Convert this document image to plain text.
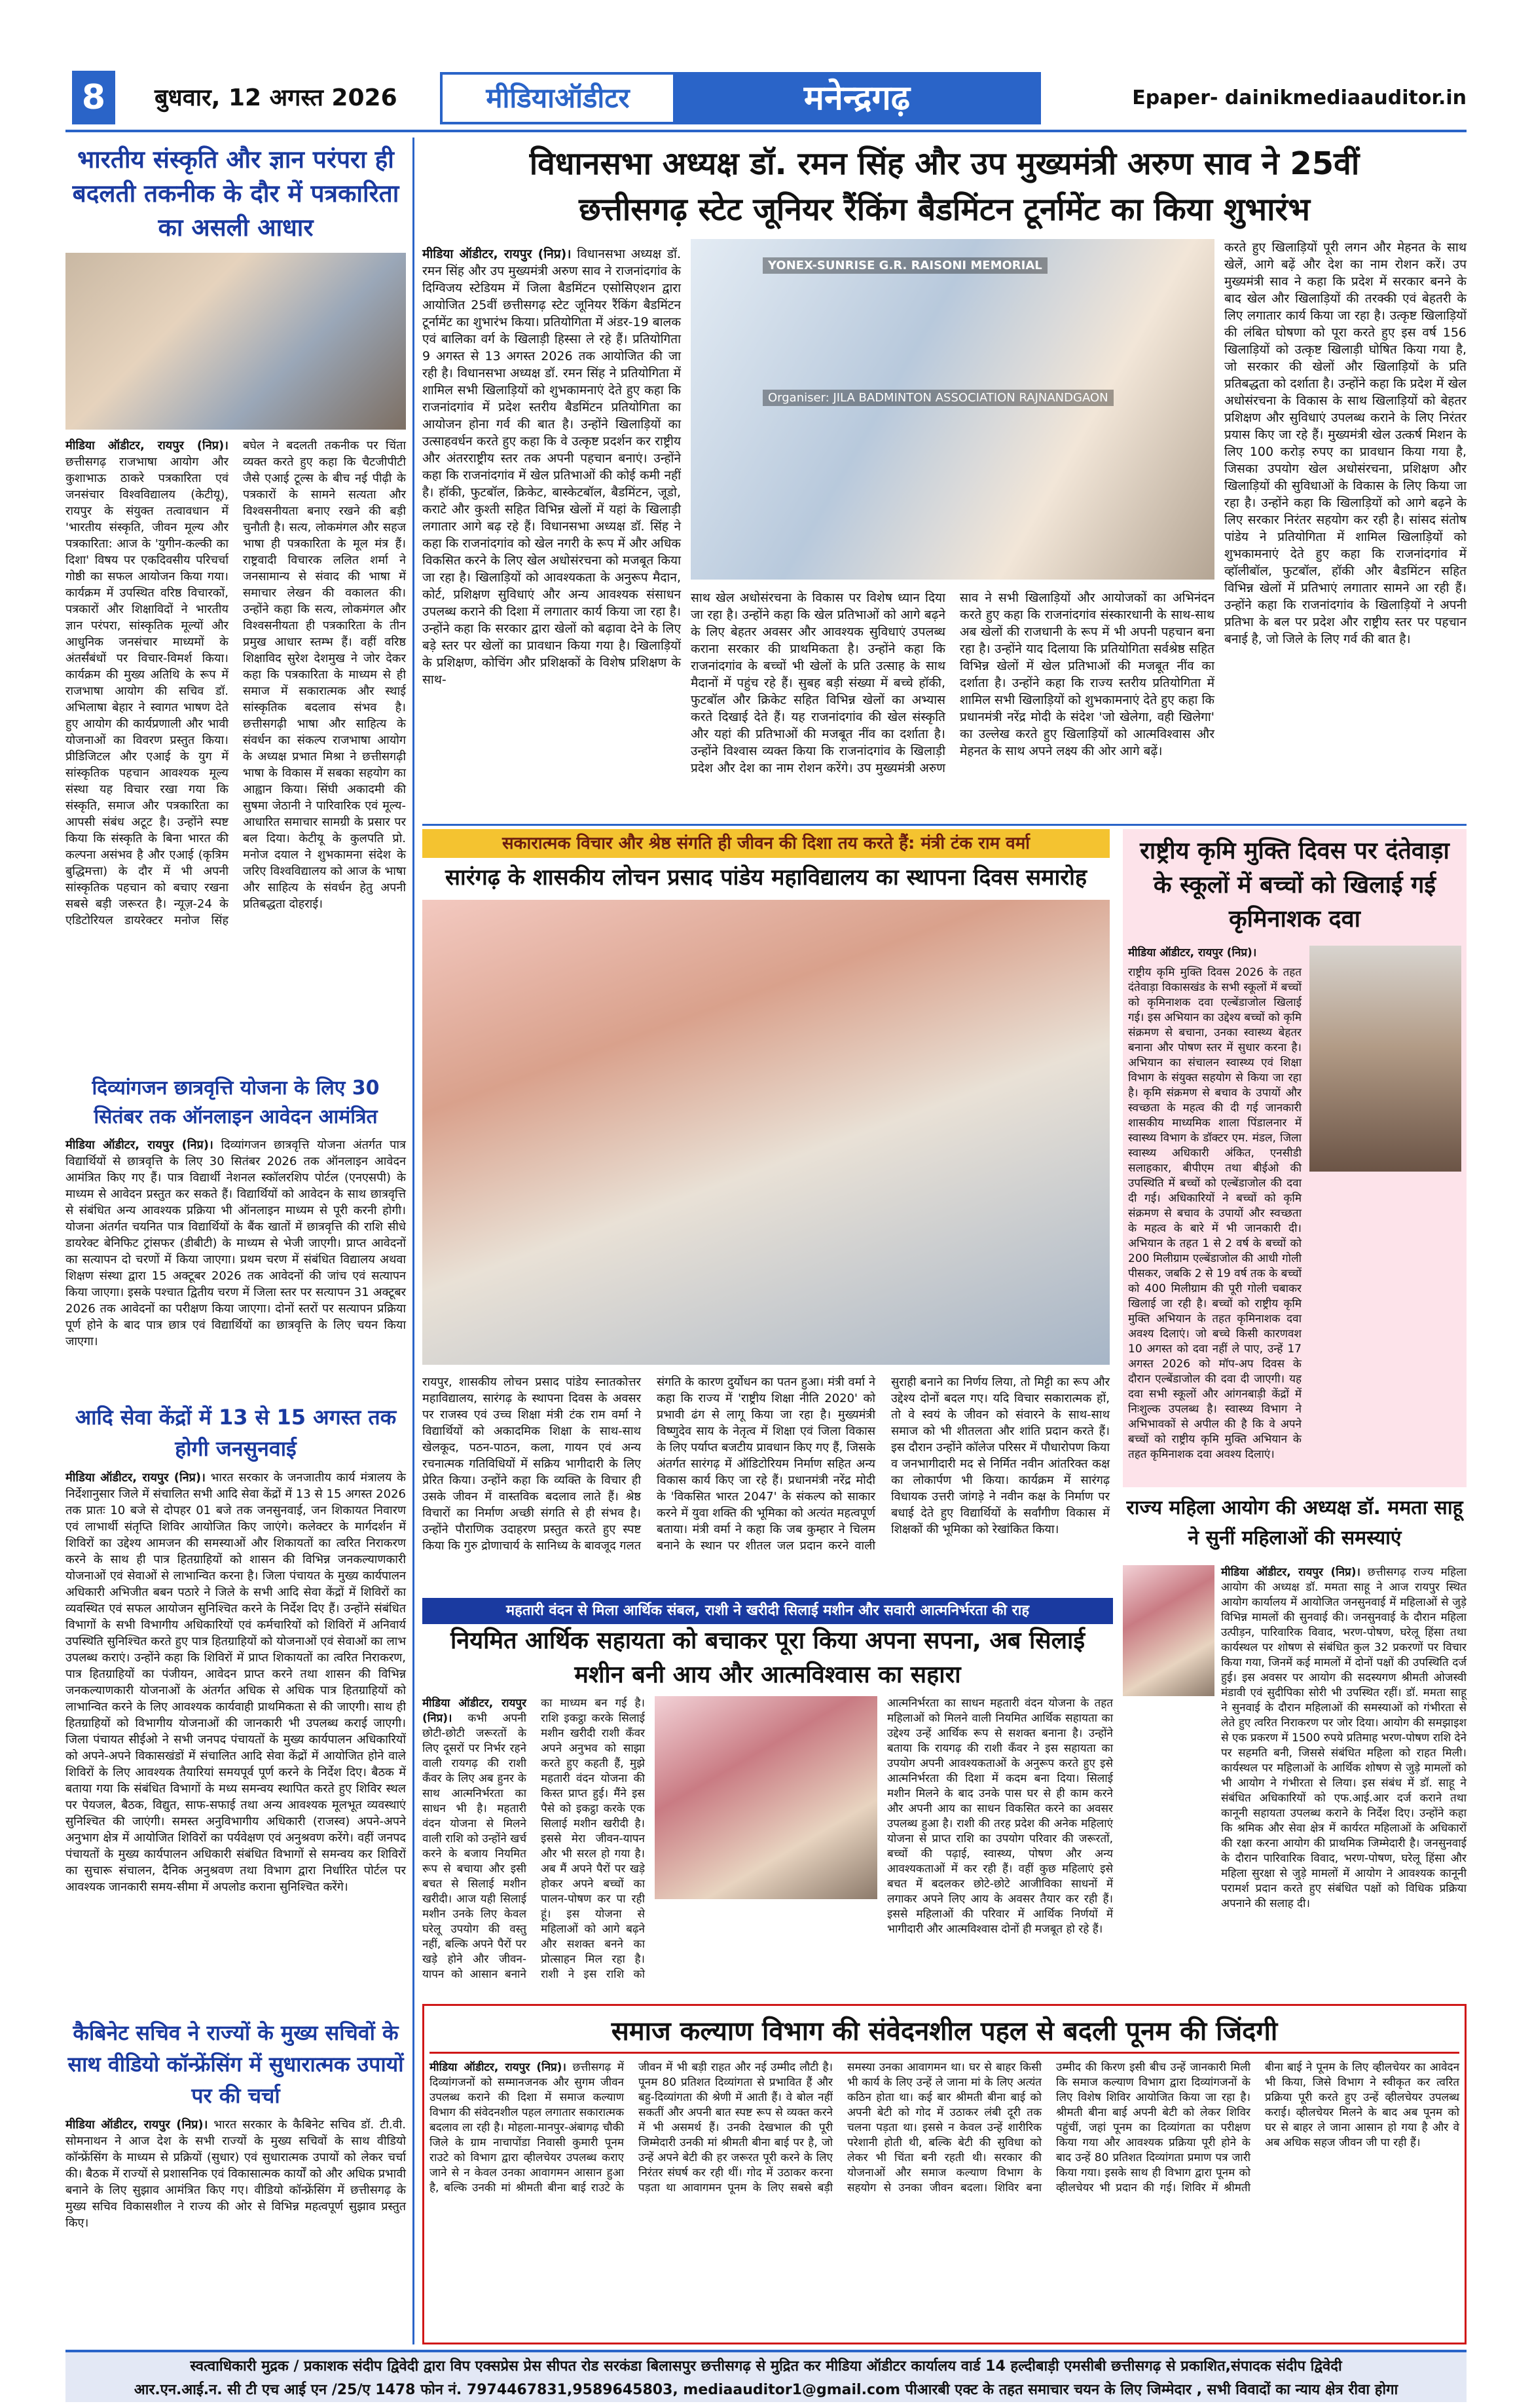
8	बुधवार, 12 अगस्त 2026	मीडियाऑडीटर	मनेन्द्रगढ़	Epaper- dainikmediaauditor.in
भारतीय संस्कृति और ज्ञान परंपरा ही बदलती तकनीक के दौर में पत्रकारिता का असली आधार
मीडिया ऑडीटर, रायपुर (निप्र)। छत्तीसगढ़ राजभाषा आयोग और कुशाभाऊ ठाकरे पत्रकारिता एवं जनसंचार विश्वविद्यालय (केटीयू), रायपुर के संयुक्त तत्वावधान में 'भारतीय संस्कृति, जीवन मूल्य और पत्रकारिता: आज के 'युगीन-कल्की का दिशा' विषय पर एकदिवसीय परिचर्चा गोष्ठी का सफल आयोजन किया गया। कार्यक्रम में उपस्थित वरिष्ठ विचारकों, पत्रकारों और शिक्षाविदों ने भारतीय ज्ञान परंपरा, सांस्कृतिक मूल्यों और आधुनिक जनसंचार माध्यमों के अंतर्संबंधों पर विचार-विमर्श किया। कार्यक्रम की मुख्य अतिथि के रूप में राजभाषा आयोग की सचिव डॉ. अभिलाषा बेहार ने स्वागत भाषण देते हुए आयोग की कार्यप्रणाली और भावी योजनाओं का विवरण प्रस्तुत किया। प्रीडिजिटल और एआई के युग में सांस्कृतिक पहचान आवश्यक मूल्य संस्था यह विचार रखा गया कि संस्कृति, समाज और पत्रकारिता का आपसी संबंध अटूट है। उन्होंने स्पष्ट किया कि संस्कृति के बिना भारत की कल्पना असंभव है और एआई (कृत्रिम बुद्धिमत्ता) के दौर में भी अपनी सांस्कृतिक पहचान को बचाए रखना सबसे बड़ी जरूरत है। न्यूज़-24 के एडिटोरियल डायरेक्टर मनोज सिंह बघेल ने बदलती तकनीक पर चिंता व्यक्त करते हुए कहा कि चैटजीपीटी जैसे एआई टूल्स के बीच नई पीढ़ी के पत्रकारों के सामने सत्यता और विश्वसनीयता बनाए रखने की बड़ी चुनौती है। सत्य, लोकमंगल और सहज भाषा ही पत्रकारिता के मूल मंत्र हैं। राष्ट्रवादी विचारक ललित शर्मा ने जनसामान्य से संवाद की भाषा में समाचार लेखन की वकालत की। उन्होंने कहा कि सत्य, लोकमंगल और विश्वसनीयता ही पत्रकारिता के तीन प्रमुख आधार स्तम्भ हैं। वहीं वरिष्ठ शिक्षाविद सुरेश देशमुख ने जोर देकर कहा कि पत्रकारिता के माध्यम से ही समाज में सकारात्मक और स्थाई सांस्कृतिक बदलाव संभव है। छत्तीसगढ़ी भाषा और साहित्य के संवर्धन का संकल्प राजभाषा आयोग के अध्यक्ष प्रभात मिश्रा ने छत्तीसगढ़ी भाषा के विकास में सबका सहयोग का आह्वान किया। सिंघी अकादमी की सुषमा जेठानी ने पारिवारिक एवं मूल्य-आधारित समाचार सामग्री के प्रसार पर बल दिया। केटीयू के कुलपति प्रो. मनोज दयाल ने शुभकामना संदेश के जरिए विश्वविद्यालय को आज के भाषा और साहित्य के संवर्धन हेतु अपनी प्रतिबद्धता दोहराई।
दिव्यांगजन छात्रवृत्ति योजना के लिए 30 सितंबर तक ऑनलाइन आवेदन आमंत्रित
मीडिया ऑडीटर, रायपुर (निप्र)। दिव्यांगजन छात्रवृत्ति योजना अंतर्गत पात्र विद्यार्थियों से छात्रवृत्ति के लिए 30 सितंबर 2026 तक ऑनलाइन आवेदन आमंत्रित किए गए हैं। पात्र विद्यार्थी नेशनल स्कॉलरशिप पोर्टल (एनएसपी) के माध्यम से आवेदन प्रस्तुत कर सकते हैं। विद्यार्थियों को आवेदन के साथ छात्रवृत्ति से संबंधित अन्य आवश्यक प्रक्रिया भी ऑनलाइन माध्यम से पूरी करनी होगी। योजना अंतर्गत चयनित पात्र विद्यार्थियों के बैंक खातों में छात्रवृत्ति की राशि सीधे डायरेक्ट बेनिफिट ट्रांसफर (डीबीटी) के माध्यम से भेजी जाएगी। प्राप्त आवेदनों का सत्यापन दो चरणों में किया जाएगा। प्रथम चरण में संबंधित विद्यालय अथवा शिक्षण संस्था द्वारा 15 अक्टूबर 2026 तक आवेदनों की जांच एवं सत्यापन किया जाएगा। इसके पश्चात द्वितीय चरण में जिला स्तर पर सत्यापन 31 अक्टूबर 2026 तक आवेदनों का परीक्षण किया जाएगा। दोनों स्तरों पर सत्यापन प्रक्रिया पूर्ण होने के बाद पात्र छात्र एवं विद्यार्थियों का छात्रवृत्ति के लिए चयन किया जाएगा।
आदि सेवा केंद्रों में 13 से 15 अगस्त तक होगी जनसुनवाई
मीडिया ऑडीटर, रायपुर (निप्र)। भारत सरकार के जनजातीय कार्य मंत्रालय के निर्देशानुसार जिले में संचालित सभी आदि सेवा केंद्रों में 13 से 15 अगस्त 2026 तक प्रातः 10 बजे से दोपहर 01 बजे तक जनसुनवाई, जन शिकायत निवारण एवं लाभार्थी संतृप्ति शिविर आयोजित किए जाएंगे। कलेक्टर के मार्गदर्शन में शिविरों का उद्देश्य आमजन की समस्याओं और शिकायतों का त्वरित निराकरण करने के साथ ही पात्र हितग्राहियों को शासन की विभिन्न जनकल्याणकारी योजनाओं एवं सेवाओं से लाभान्वित करना है। जिला पंचायत के मुख्य कार्यपालन अधिकारी अभिजीत बबन पठारे ने जिले के सभी आदि सेवा केंद्रों में शिविरों का व्यवस्थित एवं सफल आयोजन सुनिश्चित करने के निर्देश दिए हैं। उन्होंने संबंधित विभागों के सभी विभागीय अधिकारियों एवं कर्मचारियों को शिविरों में अनिवार्य उपस्थिति सुनिश्चित करते हुए पात्र हितग्राहियों को योजनाओं एवं सेवाओं का लाभ उपलब्ध कराएं। उन्होंने कहा कि शिविरों में प्राप्त शिकायतों का त्वरित निराकरण, पात्र हितग्राहियों का पंजीयन, आवेदन प्राप्त करने तथा शासन की विभिन्न जनकल्याणकारी योजनाओं के अंतर्गत अधिक से अधिक पात्र हितग्राहियों को लाभान्वित करने के लिए आवश्यक कार्यवाही प्राथमिकता से की जाएगी। साथ ही हितग्राहियों को विभागीय योजनाओं की जानकारी भी उपलब्ध कराई जाएगी। जिला पंचायत सीईओ ने सभी जनपद पंचायतों के मुख्य कार्यपालन अधिकारियों को अपने-अपने विकासखंडों में संचालित आदि सेवा केंद्रों में आयोजित होने वाले शिविरों के लिए आवश्यक तैयारियां समयपूर्व पूर्ण करने के निर्देश दिए। बैठक में बताया गया कि संबंधित विभागों के मध्य समन्वय स्थापित करते हुए शिविर स्थल पर पेयजल, बैठक, विद्युत, साफ-सफाई तथा अन्य आवश्यक मूलभूत व्यवस्थाएं सुनिश्चित की जाएंगी। समस्त अनुविभागीय अधिकारी (राजस्व) अपने-अपने अनुभाग क्षेत्र में आयोजित शिविरों का पर्यवेक्षण एवं अनुश्रवण करेंगे। वहीं जनपद पंचायतों के मुख्य कार्यपालन अधिकारी संबंधित विभागों से समन्वय कर शिविरों का सुचारू संचालन, दैनिक अनुश्रवण तथा विभाग द्वारा निर्धारित पोर्टल पर आवश्यक जानकारी समय-सीमा में अपलोड कराना सुनिश्चित करेंगे।
कैबिनेट सचिव ने राज्यों के मुख्य सचिवों के साथ वीडियो कॉन्फ्रेंसिंग में सुधारात्मक उपायों पर की चर्चा
मीडिया ऑडीटर, रायपुर (निप्र)। भारत सरकार के कैबिनेट सचिव डॉ. टी.वी. सोमनाथन ने आज देश के सभी राज्यों के मुख्य सचिवों के साथ वीडियो कॉन्फ्रेंसिंग के माध्यम से प्रक्रियों (सुधार) एवं सुधारात्मक उपायों को लेकर चर्चा की। बैठक में राज्यों से प्रशासनिक एवं विकासात्मक कार्यों को और अधिक प्रभावी बनाने के लिए सुझाव आमंत्रित किए गए। वीडियो कॉन्फ्रेंसिंग में छत्तीसगढ़ के मुख्य सचिव विकासशील ने राज्य की ओर से विभिन्न महत्वपूर्ण सुझाव प्रस्तुत किए।
विधानसभा अध्यक्ष डॉ. रमन सिंह और उप मुख्यमंत्री अरुण साव ने 25वीं
छत्तीसगढ़ स्टेट जूनियर रैंकिंग बैडमिंटन टूर्नामेंट का किया शुभारंभ
मीडिया ऑडीटर, रायपुर (निप्र)। विधानसभा अध्यक्ष डॉ. रमन सिंह और उप मुख्यमंत्री अरुण साव ने राजनांदगांव के दिग्विजय स्टेडियम में जिला बैडमिंटन एसोसिएशन द्वारा आयोजित 25वीं छत्तीसगढ़ स्टेट जूनियर रैंकिंग बैडमिंटन टूर्नामेंट का शुभारंभ किया। प्रतियोगिता में अंडर-19 बालक एवं बालिका वर्ग के खिलाड़ी हिस्सा ले रहे हैं। प्रतियोगिता 9 अगस्त से 13 अगस्त 2026 तक आयोजित की जा रही है। विधानसभा अध्यक्ष डॉ. रमन सिंह ने प्रतियोगिता में शामिल सभी खिलाड़ियों को शुभकामनाएं देते हुए कहा कि राजनांदगांव में प्रदेश स्तरीय बैडमिंटन प्रतियोगिता का आयोजन होना गर्व की बात है। उन्होंने खिलाड़ियों का उत्साहवर्धन करते हुए कहा कि वे उत्कृष्ट प्रदर्शन कर राष्ट्रीय और अंतरराष्ट्रीय स्तर तक अपनी पहचान बनाएं। उन्होंने कहा कि राजनांदगांव में खेल प्रतिभाओं की कोई कमी नहीं है। हॉकी, फुटबॉल, क्रिकेट, बास्केटबॉल, बैडमिंटन, जूडो, कराटे और कुश्ती सहित विभिन्न खेलों में यहां के खिलाड़ी लगातार आगे बढ़ रहे हैं। विधानसभा अध्यक्ष डॉ. सिंह ने कहा कि राजनांदगांव को खेल नगरी के रूप में और अधिक विकसित करने के लिए खेल अधोसंरचना को मजबूत किया जा रहा है। खिलाड़ियों को आवश्यकता के अनुरूप मैदान, कोर्ट, प्रशिक्षण सुविधाएं और अन्य आवश्यक संसाधन उपलब्ध कराने की दिशा में लगातार कार्य किया जा रहा है। उन्होंने कहा कि सरकार द्वारा खेलों को बढ़ावा देने के लिए बड़े स्तर पर खेलों का प्रावधान किया गया है। खिलाड़ियों के प्रशिक्षण, कोचिंग और प्रशिक्षकों के विशेष प्रशिक्षण के साथ-
YONEX-SUNRISE G.R. RAISONI MEMORIAL
Organiser: JILA BADMINTON ASSOCIATION RAJNANDGAON
साथ खेल अधोसंरचना के विकास पर विशेष ध्यान दिया जा रहा है। उन्होंने कहा कि खेल प्रतिभाओं को आगे बढ़ने के लिए बेहतर अवसर और आवश्यक सुविधाएं उपलब्ध कराना सरकार की प्राथमिकता है। उन्होंने कहा कि राजनांदगांव के बच्चों भी खेलों के प्रति उत्साह के साथ मैदानों में पहुंच रहे हैं। सुबह बड़ी संख्या में बच्चे हॉकी, फुटबॉल और क्रिकेट सहित विभिन्न खेलों का अभ्यास करते दिखाई देते हैं। यह राजनांदगांव की खेल संस्कृति और यहां की प्रतिभाओं की मजबूत नींव का दर्शाता है। उन्होंने विश्वास व्यक्त किया कि राजनांदगांव के खिलाड़ी प्रदेश और देश का नाम रोशन करेंगे। उप मुख्यमंत्री अरुण साव ने सभी खिलाड़ियों और आयोजकों का अभिनंदन करते हुए कहा कि राजनांदगांव संस्कारधानी के साथ-साथ अब खेलों की राजधानी के रूप में भी अपनी पहचान बना रहा है। उन्होंने याद दिलाया कि प्रतियोगिता सर्वश्रेष्ठ सहित विभिन्न खेलों में खेल प्रतिभाओं की मजबूत नींव का दर्शाता है। उन्होंने कहा कि राज्य स्तरीय प्रतियोगिता में शामिल सभी खिलाड़ियों को शुभकामनाएं देते हुए कहा कि प्रधानमंत्री नरेंद्र मोदी के संदेश 'जो खेलेगा, वही खिलेगा' का उल्लेख करते हुए खिलाड़ियों को आत्मविश्वास और मेहनत के साथ अपने लक्ष्य की ओर आगे बढ़ें।
करते हुए खिलाड़ियों पूरी लगन और मेहनत के साथ खेलें, आगे बढ़ें और देश का नाम रोशन करें। उप मुख्यमंत्री साव ने कहा कि प्रदेश में सरकार बनने के बाद खेल और खिलाड़ियों की तरक्की एवं बेहतरी के लिए लगातार कार्य किया जा रहा है। उत्कृष्ट खिलाड़ियों की लंबित घोषणा को पूरा करते हुए इस वर्ष 156 खिलाड़ियों को उत्कृष्ट खिलाड़ी घोषित किया गया है, जो सरकार की खेलों और खिलाड़ियों के प्रति प्रतिबद्धता को दर्शाता है। उन्होंने कहा कि प्रदेश में खेल अधोसंरचना के विकास के साथ खिलाड़ियों को बेहतर प्रशिक्षण और सुविधाएं उपलब्ध कराने के लिए निरंतर प्रयास किए जा रहे हैं। मुख्यमंत्री खेल उत्कर्ष मिशन के लिए 100 करोड़ रुपए का प्रावधान किया गया है, जिसका उपयोग खेल अधोसंरचना, प्रशिक्षण और खिलाड़ियों की सुविधाओं के विकास के लिए किया जा रहा है। उन्होंने कहा कि खिलाड़ियों को आगे बढ़ने के लिए सरकार निरंतर सहयोग कर रही है। सांसद संतोष पांडेय ने प्रतियोगिता में शामिल खिलाड़ियों को शुभकामनाएं देते हुए कहा कि राजनांदगांव में व्हॉलीबॉल, फुटबॉल, हॉकी और बैडमिंटन सहित विभिन्न खेलों में प्रतिभाएं लगातार सामने आ रही हैं। उन्होंने कहा कि राजनांदगांव के खिलाड़ियों ने अपनी प्रतिभा के बल पर प्रदेश और राष्ट्रीय स्तर पर पहचान बनाई है, जो जिले के लिए गर्व की बात है।
सकारात्मक विचार और श्रेष्ठ संगति ही जीवन की दिशा तय करते हैं: मंत्री टंक राम वर्मा
सारंगढ़ के शासकीय लोचन प्रसाद पांडेय महाविद्यालय का स्थापना दिवस समारोह
रायपुर, शासकीय लोचन प्रसाद पांडेय स्नातकोत्तर महाविद्यालय, सारंगढ़ के स्थापना दिवस के अवसर पर राजस्व एवं उच्च शिक्षा मंत्री टंक राम वर्मा ने विद्यार्थियों को अकादमिक शिक्षा के साथ-साथ खेलकूद, पठन-पाठन, कला, गायन एवं अन्य रचनात्मक गतिविधियों में सक्रिय भागीदारी के लिए प्रेरित किया। उन्होंने कहा कि व्यक्ति के विचार ही उसके जीवन में वास्तविक बदलाव लाते हैं। श्रेष्ठ विचारों का निर्माण अच्छी संगति से ही संभव है। उन्होंने पौराणिक उदाहरण प्रस्तुत करते हुए स्पष्ट किया कि गुरु द्रोणाचार्य के सानिध्य के बावजूद गलत संगति के कारण दुर्योधन का पतन हुआ। मंत्री वर्मा ने कहा कि राज्य में 'राष्ट्रीय शिक्षा नीति 2020' को प्रभावी ढंग से लागू किया जा रहा है। मुख्यमंत्री विष्णुदेव साय के नेतृत्व में शिक्षा एवं जिला विकास के लिए पर्याप्त बजटीय प्रावधान किए गए हैं, जिसके अंतर्गत सारंगढ़ में ऑडिटोरियम निर्माण सहित अन्य विकास कार्य किए जा रहे हैं। प्रधानमंत्री नरेंद्र मोदी के 'विकसित भारत 2047' के संकल्प को साकार करने में युवा शक्ति की भूमिका को अत्यंत महत्वपूर्ण बताया। मंत्री वर्मा ने कहा कि जब कुम्हार ने चिलम बनाने के स्थान पर शीतल जल प्रदान करने वाली सुराही बनाने का निर्णय लिया, तो मिट्टी का रूप और उद्देश्य दोनों बदल गए। यदि विचार सकारात्मक हों, तो वे स्वयं के जीवन को संवारने के साथ-साथ समाज को भी शीतलता और शांति प्रदान करते हैं। इस दौरान उन्होंने कॉलेज परिसर में पौधारोपण किया व जनभागीदारी मद से निर्मित नवीन आंतरिक्त कक्ष का लोकार्पण भी किया। कार्यक्रम में सारंगढ़ विधायक उत्तरी जांगड़े ने नवीन कक्ष के निर्माण पर बधाई देते हुए विद्यार्थियों के सर्वांगीण विकास में शिक्षकों की भूमिका को रेखांकित किया।
राष्ट्रीय कृमि मुक्ति दिवस पर दंतेवाड़ा के स्कूलों में बच्चों को खिलाई गई कृमिनाशक दवा
मीडिया ऑडीटर, रायपुर (निप्र)।
राष्ट्रीय कृमि मुक्ति दिवस 2026 के तहत दंतेवाड़ा विकासखंड के सभी स्कूलों में बच्चों को कृमिनाशक दवा एल्बेंडाजोल खिलाई गई। इस अभियान का उद्देश्य बच्चों को कृमि संक्रमण से बचाना, उनका स्वास्थ्य बेहतर बनाना और पोषण स्तर में सुधार करना है। अभियान का संचालन स्वास्थ्य एवं शिक्षा विभाग के संयुक्त सहयोग से किया जा रहा है। कृमि संक्रमण से बचाव के उपायों और स्वच्छता के महत्व की दी गई जानकारी शासकीय माध्यमिक शाला पिंडालनार में स्वास्थ्य विभाग के डॉक्टर एम. मंडल, जिला स्वास्थ्य अधिकारी अंकित, एनसीडी सलाहकार, बीपीएम तथा बीईओ की उपस्थिति में बच्चों को एल्बेंडाजोल की दवा दी गई। अधिकारियों ने बच्चों को कृमि संक्रमण से बचाव के उपायों और स्वच्छता के महत्व के बारे में भी जानकारी दी। अभियान के तहत 1 से 2 वर्ष के बच्चों को 200 मिलीग्राम एल्बेंडाजोल की आधी गोली पीसकर, जबकि 2 से 19 वर्ष तक के बच्चों को 400 मिलीग्राम की पूरी गोली चबाकर खिलाई जा रही है। बच्चों को राष्ट्रीय कृमि मुक्ति अभियान के तहत कृमिनाशक दवा अवश्य दिलाएं। जो बच्चे किसी कारणवश 10 अगस्त को दवा नहीं ले पाए, उन्हें 17 अगस्त 2026 को मॉप-अप दिवस के दौरान एल्बेंडाजोल की दवा दी जाएगी। यह दवा सभी स्कूलों और आंगनबाड़ी केंद्रों में निःशुल्क उपलब्ध है। स्वास्थ्य विभाग ने अभिभावकों से अपील की है कि वे अपने बच्चों को राष्ट्रीय कृमि मुक्ति अभियान के तहत कृमिनाशक दवा अवश्य दिलाएं।
राज्य महिला आयोग की अध्यक्ष डॉ. ममता साहू ने सुनीं महिलाओं की समस्याएं
मीडिया ऑडीटर, रायपुर (निप्र)। छत्तीसगढ़ राज्य महिला आयोग की अध्यक्ष डॉ. ममता साहू ने आज रायपुर स्थित आयोग कार्यालय में आयोजित जनसुनवाई में महिलाओं से जुड़े विभिन्न मामलों की सुनवाई की। जनसुनवाई के दौरान महिला उत्पीड़न, पारिवारिक विवाद, भरण-पोषण, घरेलू हिंसा तथा कार्यस्थल पर शोषण से संबंधित कुल 32 प्रकरणों पर विचार किया गया, जिनमें कई मामलों में दोनों पक्षों की उपस्थिति दर्ज हुई। इस अवसर पर आयोग की सदस्यगण श्रीमती ओजस्वी मंडावी एवं सुदीपिका सोरी भी उपस्थित रहीं। डॉ. ममता साहू ने सुनवाई के दौरान महिलाओं की समस्याओं को गंभीरता से लेते हुए त्वरित निराकरण पर जोर दिया। आयोग की समझाइश से एक प्रकरण में 1500 रुपये प्रतिमाह भरण-पोषण राशि देने पर सहमति बनी, जिससे संबंधित महिला को राहत मिली। कार्यस्थल पर महिलाओं के आर्थिक शोषण से जुड़े मामलों को भी आयोग ने गंभीरता से लिया। इस संबंध में डॉ. साहू ने संबंधित अधिकारियों को एफ.आई.आर दर्ज कराने तथा कानूनी सहायता उपलब्ध कराने के निर्देश दिए। उन्होंने कहा कि श्रमिक और सेवा क्षेत्र में कार्यरत महिलाओं के अधिकारों की रक्षा करना आयोग की प्राथमिक जिम्मेदारी है। जनसुनवाई के दौरान पारिवारिक विवाद, भरण-पोषण, घरेलू हिंसा और महिला सुरक्षा से जुड़े मामलों में आयोग ने आवश्यक कानूनी परामर्श प्रदान करते हुए संबंधित पक्षों को विधिक प्रक्रिया अपनाने की सलाह दी।
महतारी वंदन से मिला आर्थिक संबल, राशी ने खरीदी सिलाई मशीन और सवारी आत्मनिर्भरता की राह
नियमित आर्थिक सहायता को बचाकर पूरा किया अपना सपना, अब सिलाई मशीन बनी आय और आत्मविश्वास का सहारा
मीडिया ऑडीटर, रायपुर (निप्र)। कभी अपनी छोटी-छोटी जरूरतों के लिए दूसरों पर निर्भर रहने वाली रायगढ़ की राशी कँवर के लिए अब हुनर के साथ आत्मनिर्भरता का साधन भी है। महतारी वंदन योजना से मिलने वाली राशि को उन्होंने खर्च करने के बजाय नियमित रूप से बचाया और इसी बचत से सिलाई मशीन खरीदी। आज यही सिलाई मशीन उनके लिए केवल घरेलू उपयोग की वस्तु नहीं, बल्कि अपने पैरों पर खड़े होने और जीवन-यापन को आसान बनाने का माध्यम बन गई है। राशि इकट्ठा करके सिलाई मशीन खरीदी राशी कँवर अपने अनुभव को साझा करते हुए कहती हैं, मुझे महतारी वंदन योजना की किस्त प्राप्त हुई। मैंने इस पैसे को इकट्ठा करके एक सिलाई मशीन खरीदी है। इससे मेरा जीवन-यापन और भी सरल हो गया है। अब मैं अपने पैरों पर खड़े होकर अपने बच्चों का पालन-पोषण कर पा रही हूं। इस योजना से महिलाओं को आगे बढ़ने और सशक्त बनने का प्रोत्साहन मिल रहा है। राशी ने इस राशि को
आत्मनिर्भरता का साधन महतारी वंदन योजना के तहत महिलाओं को मिलने वाली नियमित आर्थिक सहायता का उद्देश्य उन्हें आर्थिक रूप से सशक्त बनाना है। उन्होंने बताया कि रायगढ़ की राशी कँवर ने इस सहायता का उपयोग अपनी आवश्यकताओं के अनुरूप करते हुए इसे आत्मनिर्भरता की दिशा में कदम बना दिया। सिलाई मशीन मिलने के बाद उनके पास घर से ही काम करने और अपनी आय का साधन विकसित करने का अवसर उपलब्ध हुआ है। राशी की तरह प्रदेश की अनेक महिलाएं योजना से प्राप्त राशि का उपयोग परिवार की जरूरतों, बच्चों की पढ़ाई, स्वास्थ्य, पोषण और अन्य आवश्यकताओं में कर रही हैं। वहीं कुछ महिलाएं इसे बचत में बदलकर छोटे-छोटे आजीविका साधनों में लगाकर अपने लिए आय के अवसर तैयार कर रही हैं। इससे महिलाओं की परिवार में आर्थिक निर्णयों में भागीदारी और आत्मविश्वास दोनों ही मजबूत हो रहे हैं।
समाज कल्याण विभाग की संवेदनशील पहल से बदली पूनम की जिंदगी
मीडिया ऑडीटर, रायपुर (निप्र)। छत्तीसगढ़ में दिव्यांगजनों को सम्मानजनक और सुगम जीवन उपलब्ध कराने की दिशा में समाज कल्याण विभाग की संवेदनशील पहल लगातार सकारात्मक बदलाव ला रही है। मोहला-मानपुर-अंबागढ़ चौकी जिले के ग्राम नाचापोंडा निवासी कुमारी पूनम राउटे को विभाग द्वारा व्हीलचेयर उपलब्ध कराए जाने से न केवल उनका आवागमन आसान हुआ है, बल्कि उनकी मां श्रीमती बीना बाई राउटे के जीवन में भी बड़ी राहत और नई उम्मीद लौटी है। पूनम 80 प्रतिशत दिव्यांगता से प्रभावित हैं और बहु-दिव्यांगता की श्रेणी में आती हैं। वे बोल नहीं सकतीं और अपनी बात स्पष्ट रूप से व्यक्त करने में भी असमर्थ हैं। उनकी देखभाल की पूरी जिम्मेदारी उनकी मां श्रीमती बीना बाई पर है, जो उन्हें अपने बेटी की हर जरूरत पूरी करने के लिए निरंतर संघर्ष कर रही थीं। गोद में उठाकर करना पड़ता था आवागमन पूनम के लिए सबसे बड़ी समस्या उनका आवागमन था। घर से बाहर किसी भी कार्य के लिए उन्हें ले जाना मां के लिए अत्यंत कठिन होता था। कई बार श्रीमती बीना बाई को अपनी बेटी को गोद में उठाकर लंबी दूरी तक चलना पड़ता था। इससे न केवल उन्हें शारीरिक परेशानी होती थी, बल्कि बेटी की सुविधा को लेकर भी चिंता बनी रहती थी। सरकार की योजनाओं और समाज कल्याण विभाग के सहयोग से उनका जीवन बदला। शिविर बना उम्मीद की किरण इसी बीच उन्हें जानकारी मिली कि समाज कल्याण विभाग द्वारा दिव्यांगजनों के लिए विशेष शिविर आयोजित किया जा रहा है। श्रीमती बीना बाई अपनी बेटी को लेकर शिविर पहुंचीं, जहां पूनम का दिव्यांगता का परीक्षण किया गया और आवश्यक प्रक्रिया पूरी होने के बाद उन्हें 80 प्रतिशत दिव्यांगता प्रमाण पत्र जारी किया गया। इसके साथ ही विभाग द्वारा पूनम को व्हीलचेयर भी प्रदान की गई। शिविर में श्रीमती बीना बाई ने पूनम के लिए व्हीलचेयर का आवेदन भी किया, जिसे विभाग ने स्वीकृत कर त्वरित प्रक्रिया पूरी करते हुए उन्हें व्हीलचेयर उपलब्ध कराई। व्हीलचेयर मिलने के बाद अब पूनम को घर से बाहर ले जाना आसान हो गया है और वे अब अधिक सहज जीवन जी पा रही हैं।
स्वत्वाधिकारी मुद्रक / प्रकाशक संदीप द्विवेदी द्वारा विप एक्सप्रेस प्रेस सीपत रोड सरकंडा बिलासपुर छत्तीसगढ़ से मुद्रित कर मीडिया ऑडीटर कार्यालय वार्ड 14 हल्दीबाड़ी एमसीबी छत्तीसगढ़ से प्रकाशित,संपादक संदीप द्विवेदी
आर.एन.आई.न. सी टी एच आई एन /25/ए 1478 फोन नं. 7974467831,9589645803, mediaauditor1@gmail.com पीआरबी एक्ट के तहत समाचार चयन के लिए जिम्मेदार , सभी विवादों का न्याय क्षेत्र रीवा होगा
